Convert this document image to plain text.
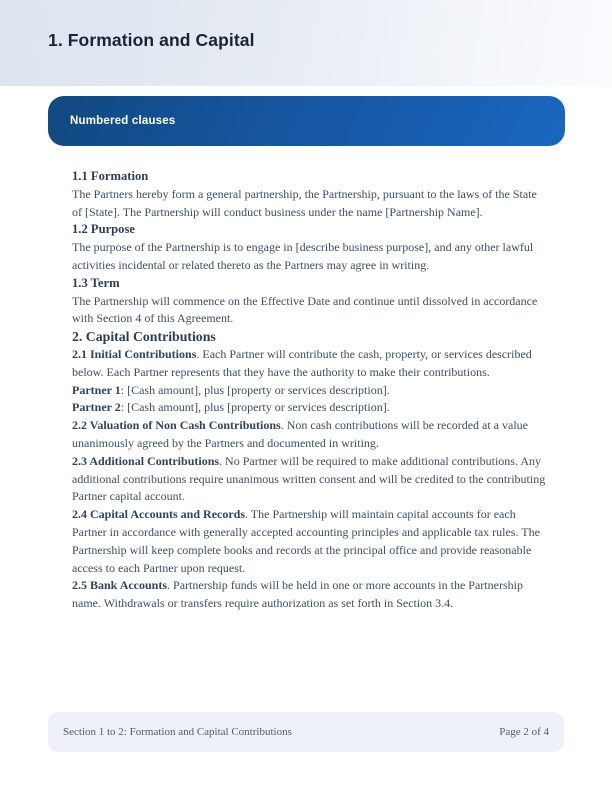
1. Formation and Capital
Numbered clauses
1.1 Formation
The Partners hereby form a general partnership, the Partnership, pursuant to the laws of the State of [State]. The Partnership will conduct business under the name [Partnership Name].
1.2 Purpose
The purpose of the Partnership is to engage in [describe business purpose], and any other lawful activities incidental or related thereto as the Partners may agree in writing.
1.3 Term
The Partnership will commence on the Effective Date and continue until dissolved in accordance with Section 4 of this Agreement.
2. Capital Contributions
2.1 Initial Contributions. Each Partner will contribute the cash, property, or services described below. Each Partner represents that they have the authority to make their contributions.
Partner 1: [Cash amount], plus [property or services description].
Partner 2: [Cash amount], plus [property or services description].
2.2 Valuation of Non Cash Contributions. Non cash contributions will be recorded at a value unanimously agreed by the Partners and documented in writing.
2.3 Additional Contributions. No Partner will be required to make additional contributions. Any additional contributions require unanimous written consent and will be credited to the contributing Partner capital account.
2.4 Capital Accounts and Records. The Partnership will maintain capital accounts for each Partner in accordance with generally accepted accounting principles and applicable tax rules. The Partnership will keep complete books and records at the principal office and provide reasonable access to each Partner upon request.
2.5 Bank Accounts. Partnership funds will be held in one or more accounts in the Partnership name. Withdrawals or transfers require authorization as set forth in Section 3.4.
Section 1 to 2: Formation and Capital Contributions	Page 2 of 4
